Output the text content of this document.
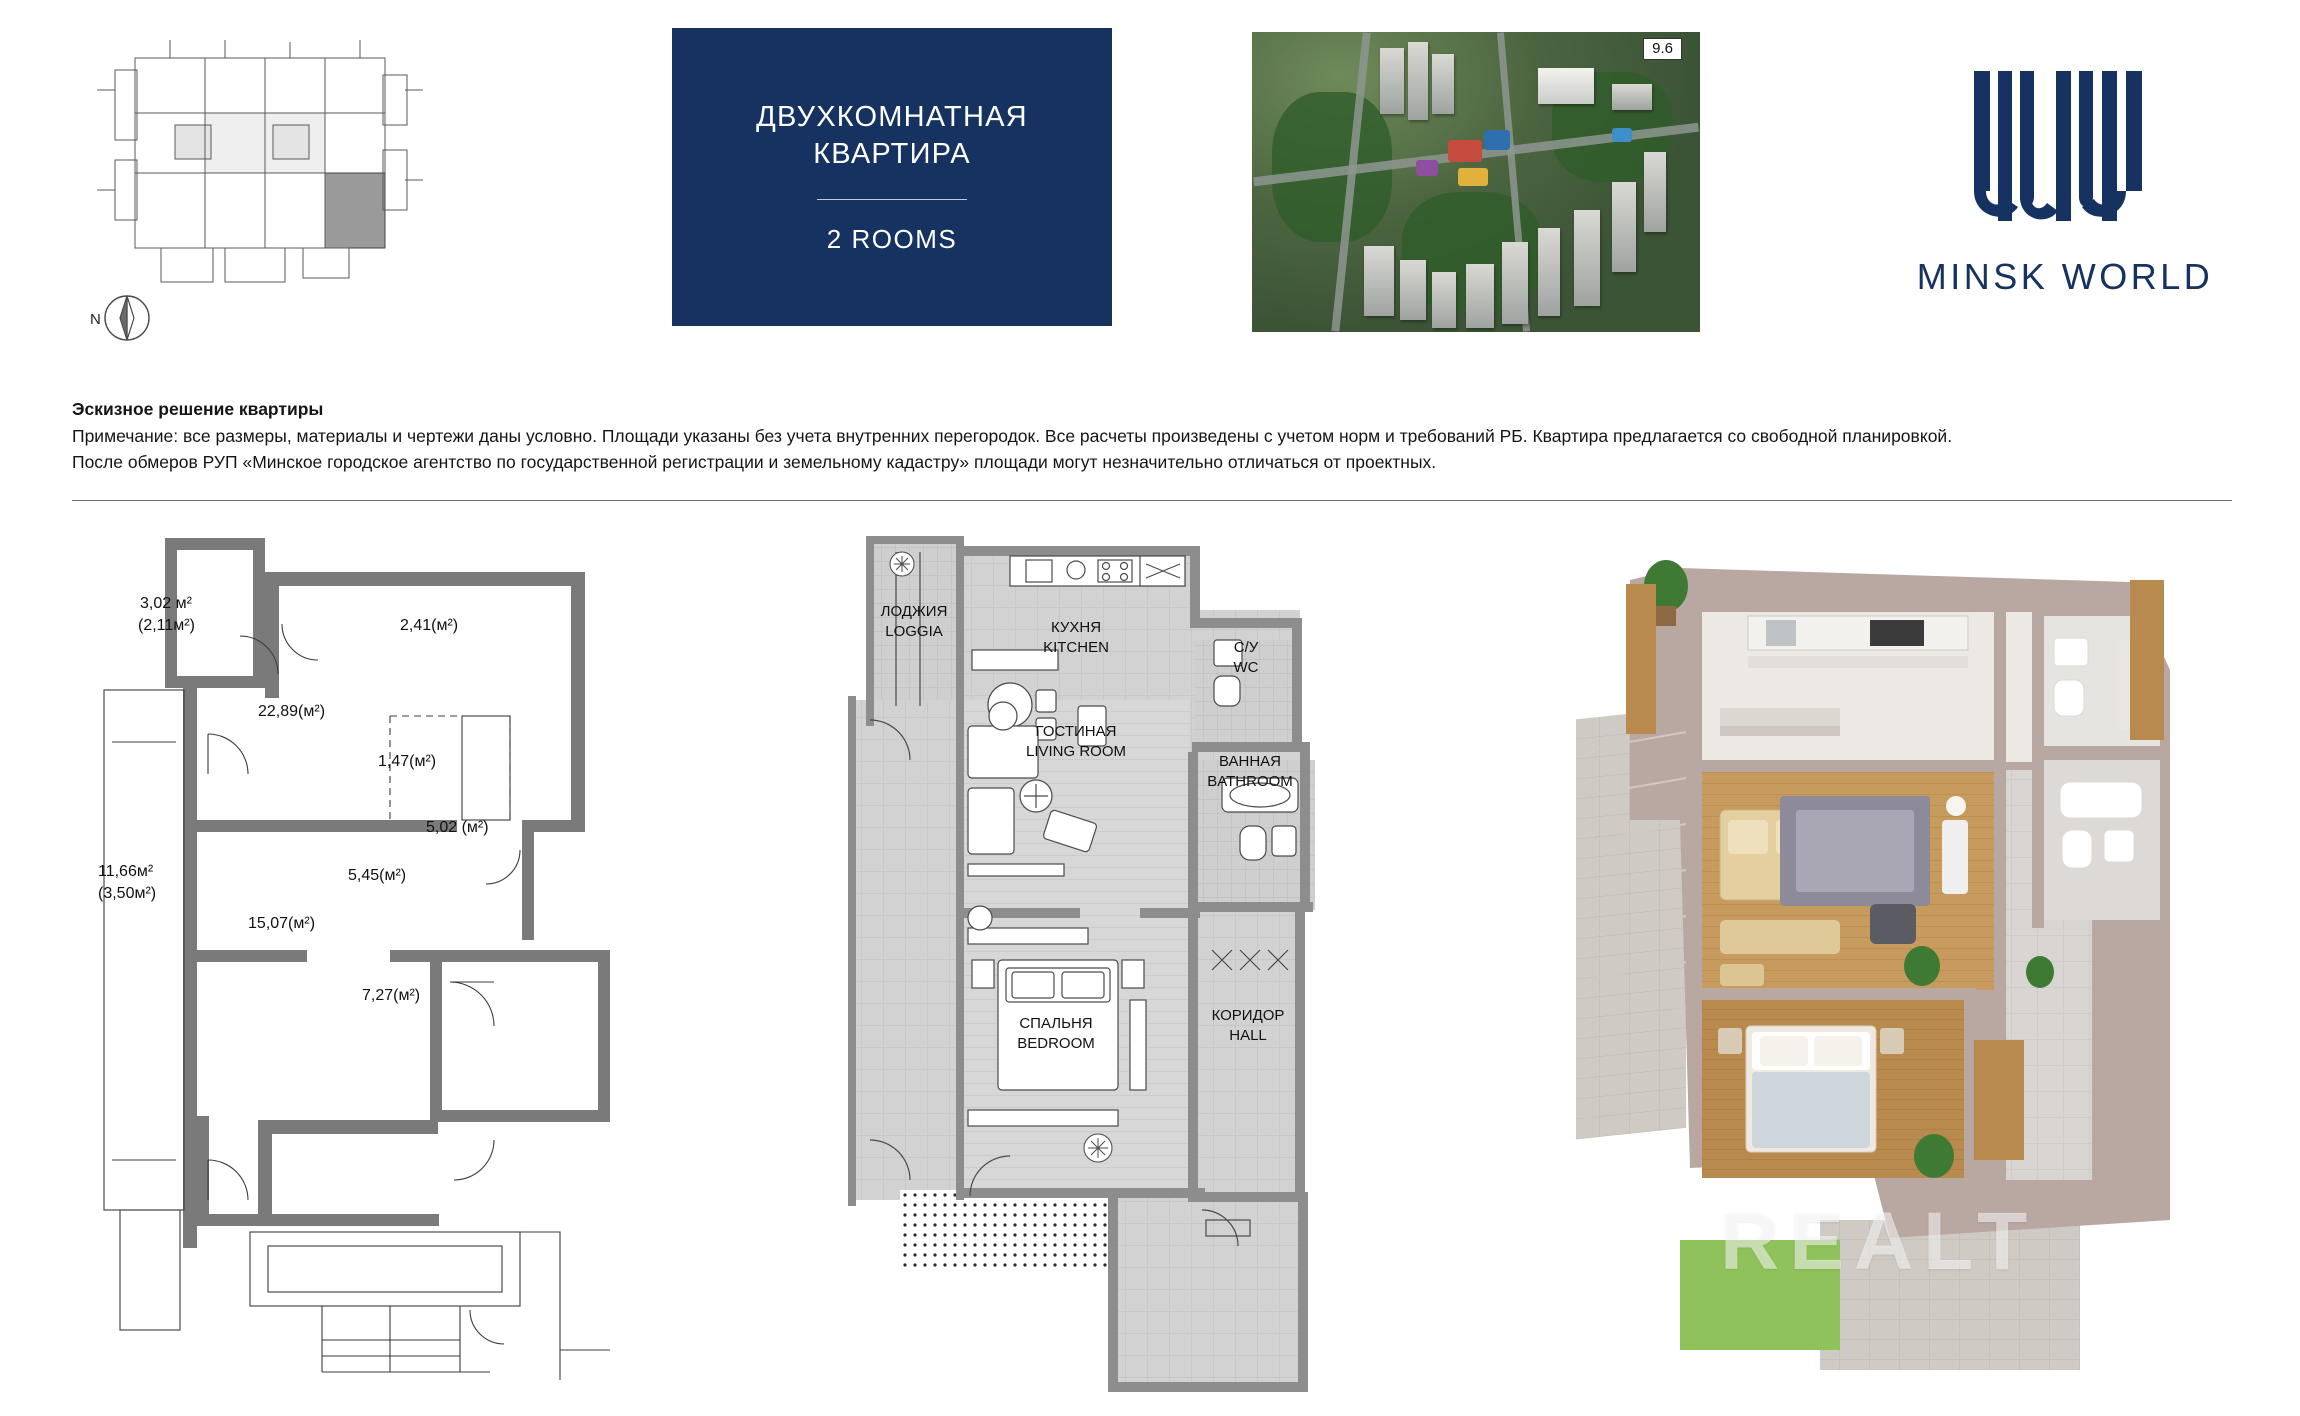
N
ДВУХКОМНАТНАЯ
КВАРТИРА
2 ROOMS
9.6
MINSK WORLD
Эскизное решение квартиры
Примечание: все размеры, материалы и чертежи даны условно. Площади указаны без учета внутренних перегородок. Все расчеты произведены с учетом норм и требований РБ. Квартира предлагается со свободной планировкой.
После обмеров РУП «Минское городское агентство по государственной регистрации и земельному кадастру» площади могут незначительно отличаться от проектных.
3,02 м²
(2,11м²)	2,41(м²)
22,89(м²)
1,47(м²)
5,02 (м²)
11,66м²
(3,50м²)
5,45(м²)
15,07(м²)
7,27(м²)
ЛОДЖИЯ
LOGGIA	КУХНЯ
KITCHEN	С/У
WC
ГОСТИНАЯ
LIVING ROOM
ВАННАЯ
BATHROOM
СПАЛЬНЯ
BEDROOM
КОРИДОР
HALL
REALT
